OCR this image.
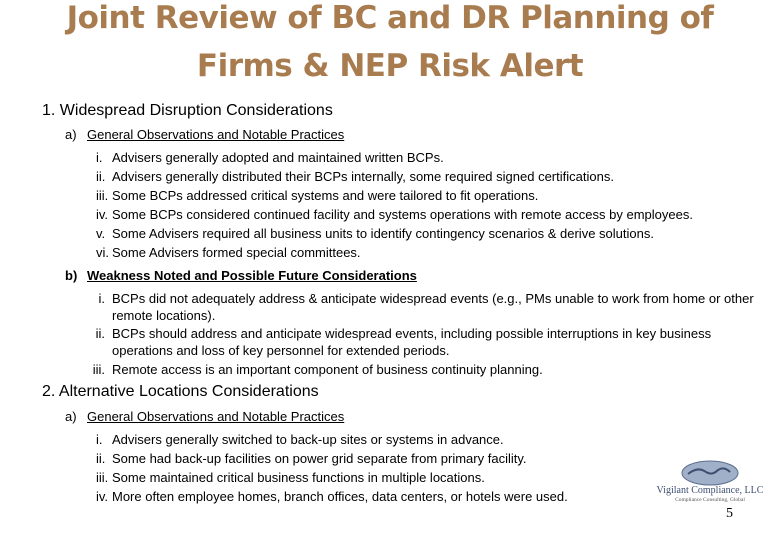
Joint Review of BC and DR Planning of
Firms & NEP Risk Alert
1. Widespread Disruption Considerations
a) General Observations and Notable Practices
i. Advisers generally adopted and maintained written BCPs.
ii. Advisers generally distributed their BCPs internally, some required signed certifications.
iii. Some BCPs addressed critical systems and were tailored to fit operations.
iv. Some BCPs considered continued facility and systems operations with remote access by employees.
v. Some Advisers required all business units to identify contingency scenarios & derive solutions.
vi. Some Advisers formed special committees.
b) Weakness Noted and Possible Future Considerations
i. BCPs did not adequately address & anticipate widespread events (e.g., PMs unable to work from home or other remote locations).
ii. BCPs should address and anticipate widespread events, including possible interruptions in key business operations and loss of key personnel for extended periods.
iii. Remote access is an important component of business continuity planning.
2. Alternative Locations Considerations
a) General Observations and Notable Practices
i. Advisers generally switched to back-up sites or systems in advance.
ii. Some had back-up facilities on power grid separate from primary facility.
iii. Some maintained critical business functions in multiple locations.
iv. More often employee homes, branch offices, data centers, or hotels were used.	Vigilant Compliance, LLC
Compliance Consulting, Global
5
